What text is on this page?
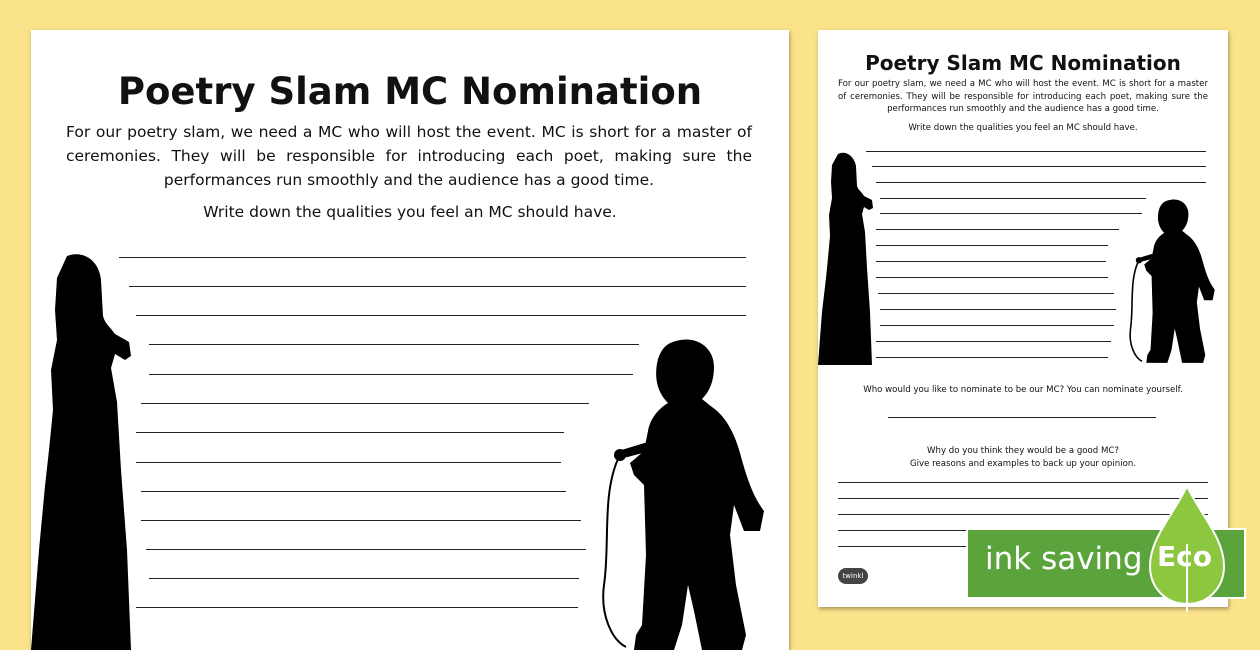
Poetry Slam MC Nomination
For our poetry slam, we need a MC who will host the event. MC is short for a master of ceremonies. They will be responsible for introducing each poet, making sure the performances run smoothly and the audience has a good time.
Write down the qualities you feel an MC should have.
Poetry Slam MC Nomination
For our poetry slam, we need a MC who will host the event. MC is short for a master of ceremonies. They will be responsible for introducing each poet, making sure the performances run smoothly and the audience has a good time.
Write down the qualities you feel an MC should have.
Who would you like to nominate to be our MC? You can nominate yourself.
Why do you think they would be a good MC?
Give reasons and examples to back up your opinion.
twinkl	ink saving Eco
